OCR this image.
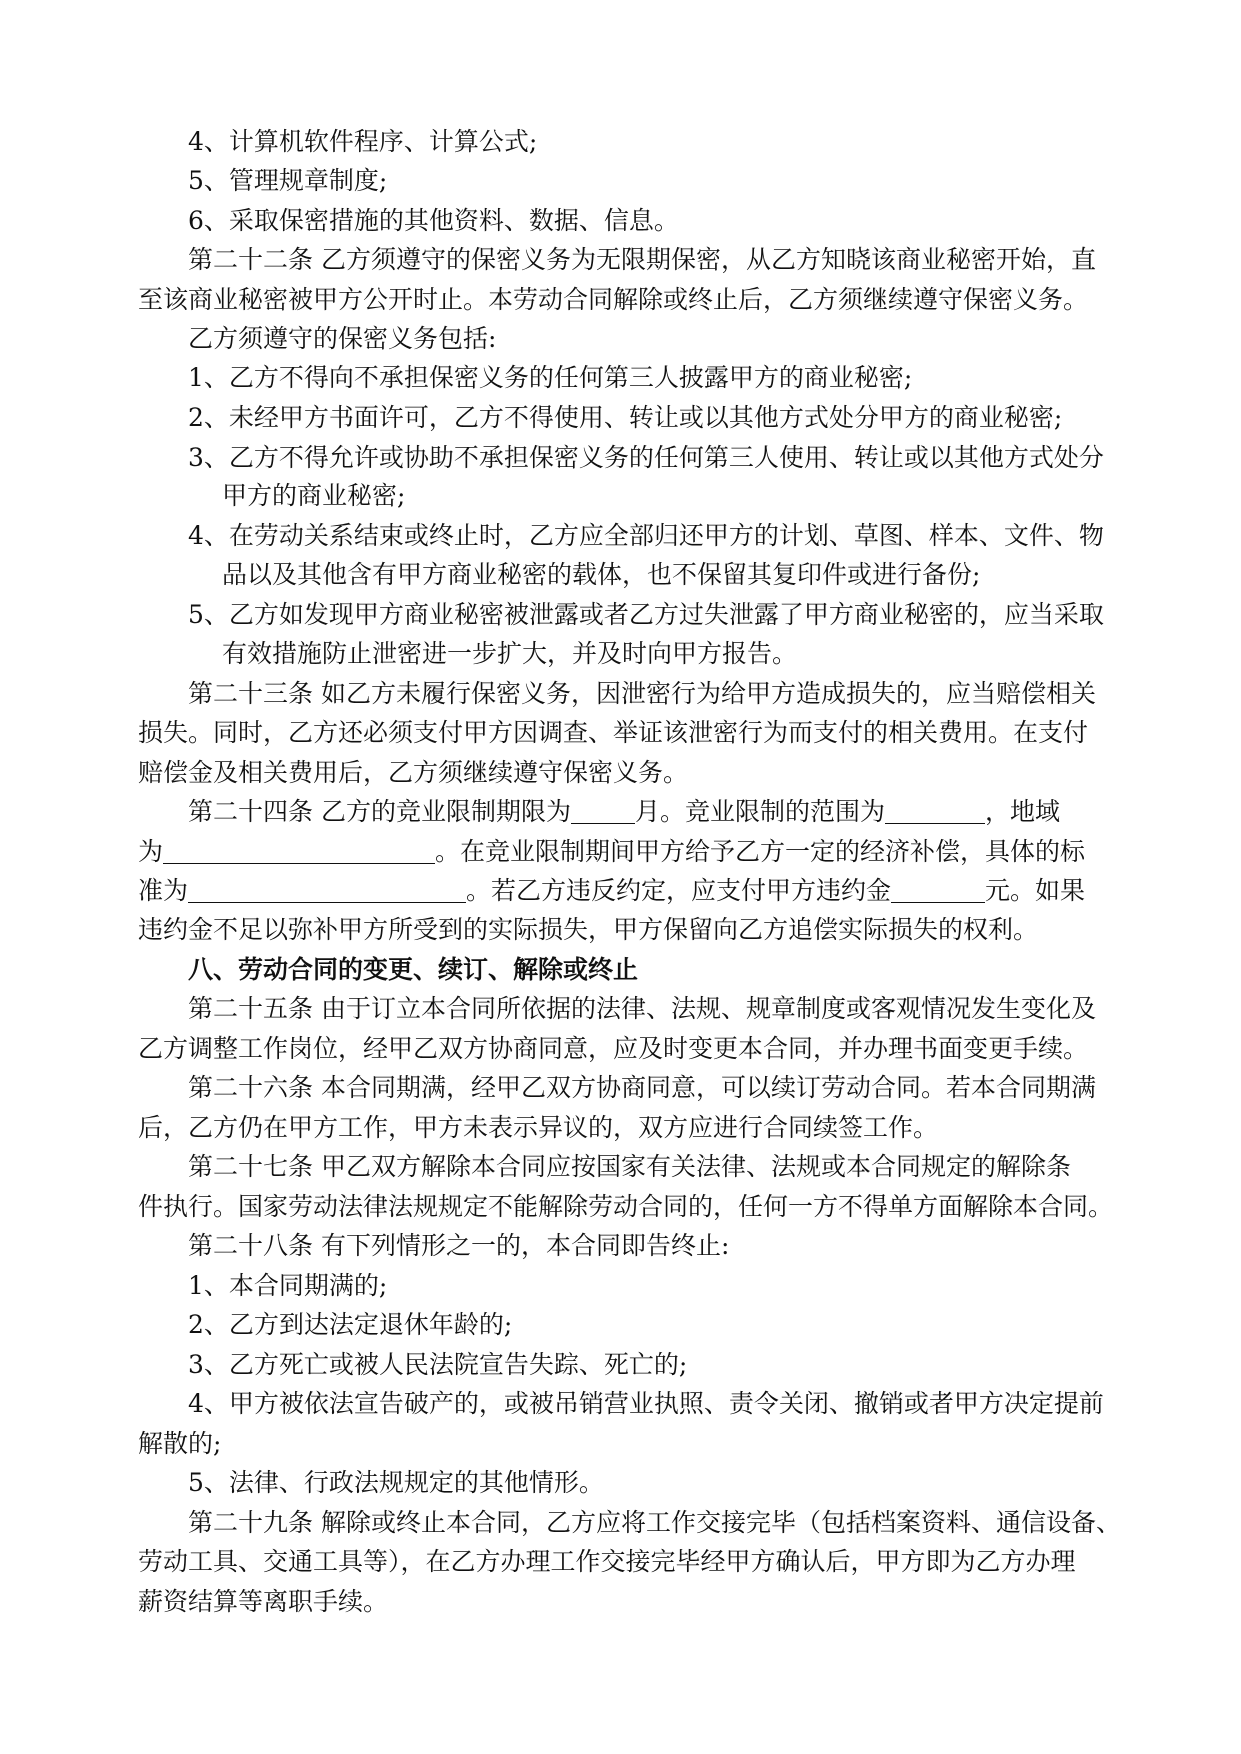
4、计算机软件程序、计算公式;
5、管理规章制度;
6、采取保密措施的其他资料、数据、信息。
第二十二条 乙方须遵守的保密义务为无限期保密，从乙方知晓该商业秘密开始，直
至该商业秘密被甲方公开时止。本劳动合同解除或终止后，乙方须继续遵守保密义务。
乙方须遵守的保密义务包括:
1、乙方不得向不承担保密义务的任何第三人披露甲方的商业秘密;
2、未经甲方书面许可，乙方不得使用、转让或以其他方式处分甲方的商业秘密;
3、乙方不得允许或协助不承担保密义务的任何第三人使用、转让或以其他方式处分
甲方的商业秘密;
4、在劳动关系结束或终止时，乙方应全部归还甲方的计划、草图、样本、文件、物
品以及其他含有甲方商业秘密的载体，也不保留其复印件或进行备份;
5、乙方如发现甲方商业秘密被泄露或者乙方过失泄露了甲方商业秘密的，应当采取
有效措施防止泄密进一步扩大，并及时向甲方报告。
第二十三条 如乙方未履行保密义务，因泄密行为给甲方造成损失的，应当赔偿相关
损失。同时，乙方还必须支付甲方因调查、举证该泄密行为而支付的相关费用。在支付
赔偿金及相关费用后，乙方须继续遵守保密义务。
第二十四条 乙方的竞业限制期限为	月。竞业限制的范围为	，地域
为	。在竞业限制期间甲方给予乙方一定的经济补偿，具体的标
准为	。若乙方违反约定，应支付甲方违约金	元。如果
违约金不足以弥补甲方所受到的实际损失，甲方保留向乙方追偿实际损失的权利。
八、劳动合同的变更、续订、解除或终止
第二十五条 由于订立本合同所依据的法律、法规、规章制度或客观情况发生变化及
乙方调整工作岗位，经甲乙双方协商同意，应及时变更本合同，并办理书面变更手续。
第二十六条 本合同期满，经甲乙双方协商同意，可以续订劳动合同。若本合同期满
后，乙方仍在甲方工作，甲方未表示异议的，双方应进行合同续签工作。
第二十七条 甲乙双方解除本合同应按国家有关法律、法规或本合同规定的解除条
件执行。国家劳动法律法规规定不能解除劳动合同的，任何一方不得单方面解除本合同。
第二十八条 有下列情形之一的，本合同即告终止:
1、本合同期满的;
2、乙方到达法定退休年龄的;
3、乙方死亡或被人民法院宣告失踪、死亡的;
4、甲方被依法宣告破产的，或被吊销营业执照、责令关闭、撤销或者甲方决定提前
解散的;
5、法律、行政法规规定的其他情形。
第二十九条 解除或终止本合同，乙方应将工作交接完毕（包括档案资料、通信设备、
劳动工具、交通工具等），在乙方办理工作交接完毕经甲方确认后，甲方即为乙方办理
薪资结算等离职手续。
